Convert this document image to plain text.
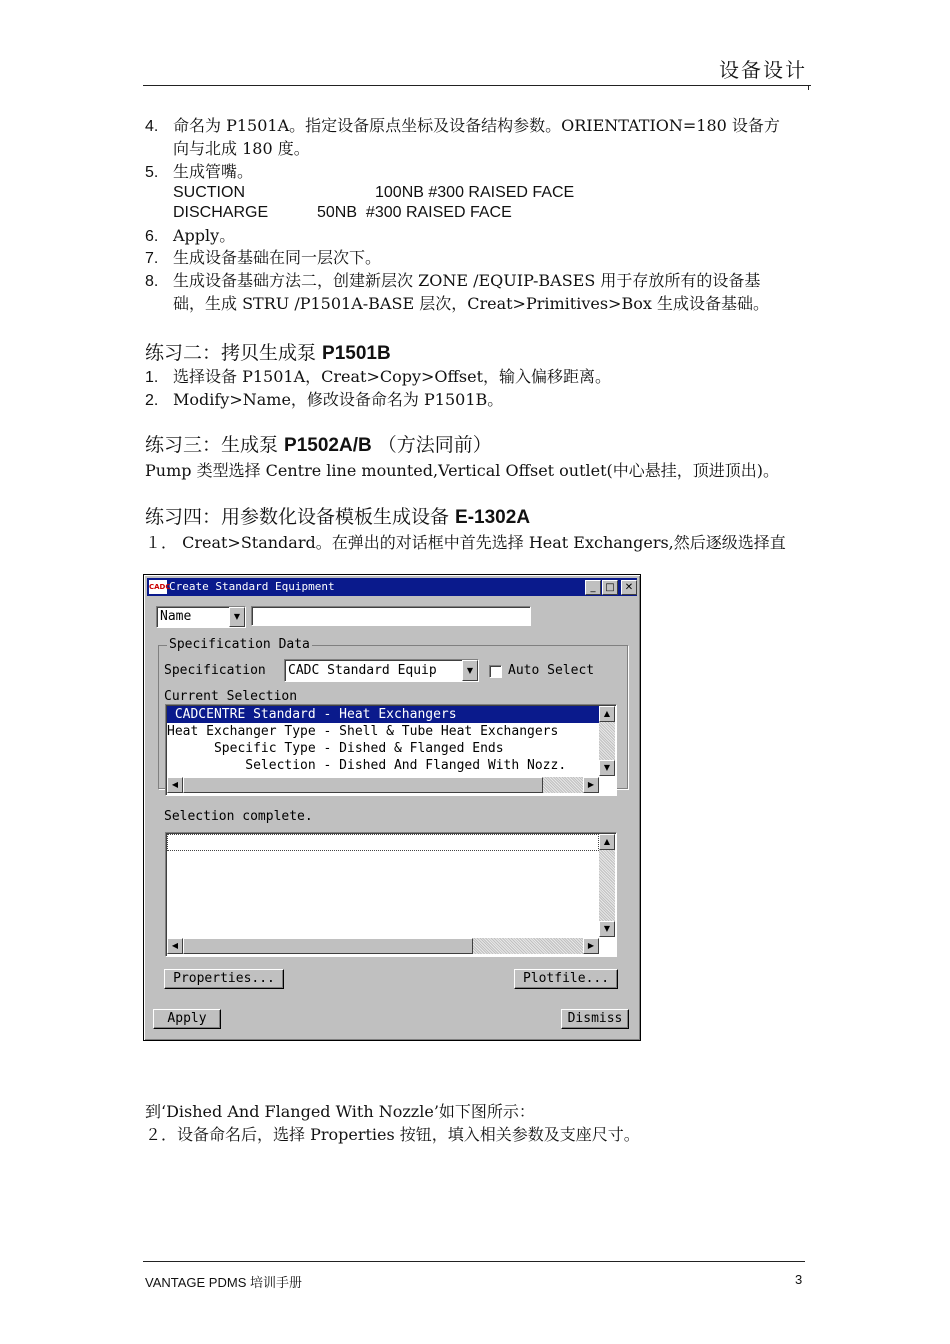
设备设计
4. 命名为 P1501A。指定设备原点坐标及设备结构参数。ORIENTATION=180 设备方
向与北成 180 度。
5. 生成管嘴。
SUCTION	100NB #300 RAISED FACE
DISCHARGE	50NB  #300 RAISED FACE
6. Apply。
7. 生成设备基础在同一层次下。
8. 生成设备基础方法二，创建新层次 ZONE /EQUIP-BASES 用于存放所有的设备基
础，生成 STRU /P1501A-BASE 层次，Creat>Primitives>Box 生成设备基础。
练习二：拷贝生成泵 P1501B
1. 选择设备 P1501A，Creat>Copy>Offset，输入偏移距离。
2. Modify>Name，修改设备命名为 P1501B。
练习三：生成泵 P1502A/B （方法同前）
Pump 类型选择 Centre line mounted,Vertical Offset outlet(中心悬挂，顶进顶出)。
练习四：用参数化设备模板生成设备 E-1302A
１． Creat>Standard。在弹出的对话框中首先选择 Heat Exchangers,然后逐级选择直
CADC
Create Standard Equipment	_ □	✕
Name	▼
Specification Data
Specification CADC Standard Equip	▼	Auto Select
Current Selection
CADCENTRE Standard - Heat Exchangers
Heat Exchanger Type - Shell & Tube Heat Exchangers
Specific Type - Dished & Flanged Ends
Selection - Dished And Flanged With Nozz.
▲
▼
◀	▶
Selection complete.
▲
▼
◀	▶
Properties...	Plotfile...
Apply	Dismiss
到‘Dished And Flanged With Nozzle’如下图所示：
２．设备命名后，选择 Properties 按钮，填入相关参数及支座尺寸。
VANTAGE PDMS 培训手册	3
